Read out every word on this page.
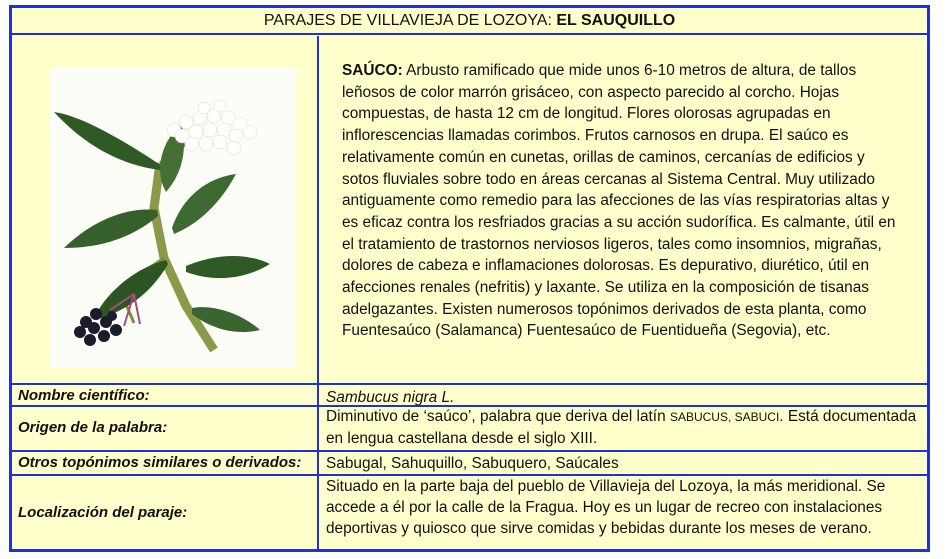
PARAJES DE VILLAVIEJA DE LOZOYA: EL SAUQUILLO
SAÚCO: Arbusto ramificado que mide unos 6-10 metros de altura, de tallos leñosos de color marrón grisáceo, con aspecto parecido al corcho. Hojas compuestas, de hasta 12 cm de longitud. Flores olorosas agrupadas en inflorescencias llamadas corimbos. Frutos carnosos en drupa. El saúco es relativamente común en cunetas, orillas de caminos, cercanías de edificios y sotos fluviales sobre todo en áreas cercanas al Sistema Central. Muy utilizado antiguamente como remedio para las afecciones de las vías respiratorias altas y es eficaz contra los resfriados gracias a su acción sudorífica. Es calmante, útil en el tratamiento de trastornos nerviosos ligeros, tales como insomnios, migrañas, dolores de cabeza e inflamaciones dolorosas. Es depurativo, diurético, útil en afecciones renales (nefritis) y laxante. Se utiliza en la composición de tisanas adelgazantes. Existen numerosos topónimos derivados de esta planta, como Fuentesaúco (Salamanca) Fuentesaúco de Fuentidueña (Segovia), etc.
Nombre científico:	Sambucus nigra L.
Origen de la palabra:
Diminutivo de ‘saúco’, palabra que deriva del latín SABUCUS, SABUCI. Está documentada en lengua castellana desde el siglo XIII.
Otros topónimos similares o derivados: Sabugal, Sahuquillo, Sabuquero, Saúcales
Localización del paraje:
Situado en la parte baja del pueblo de Villavieja del Lozoya, la más meridional. Se accede a él por la calle de la Fragua. Hoy es un lugar de recreo con instalaciones deportivas y quiosco que sirve comidas y bebidas durante los meses de verano.
